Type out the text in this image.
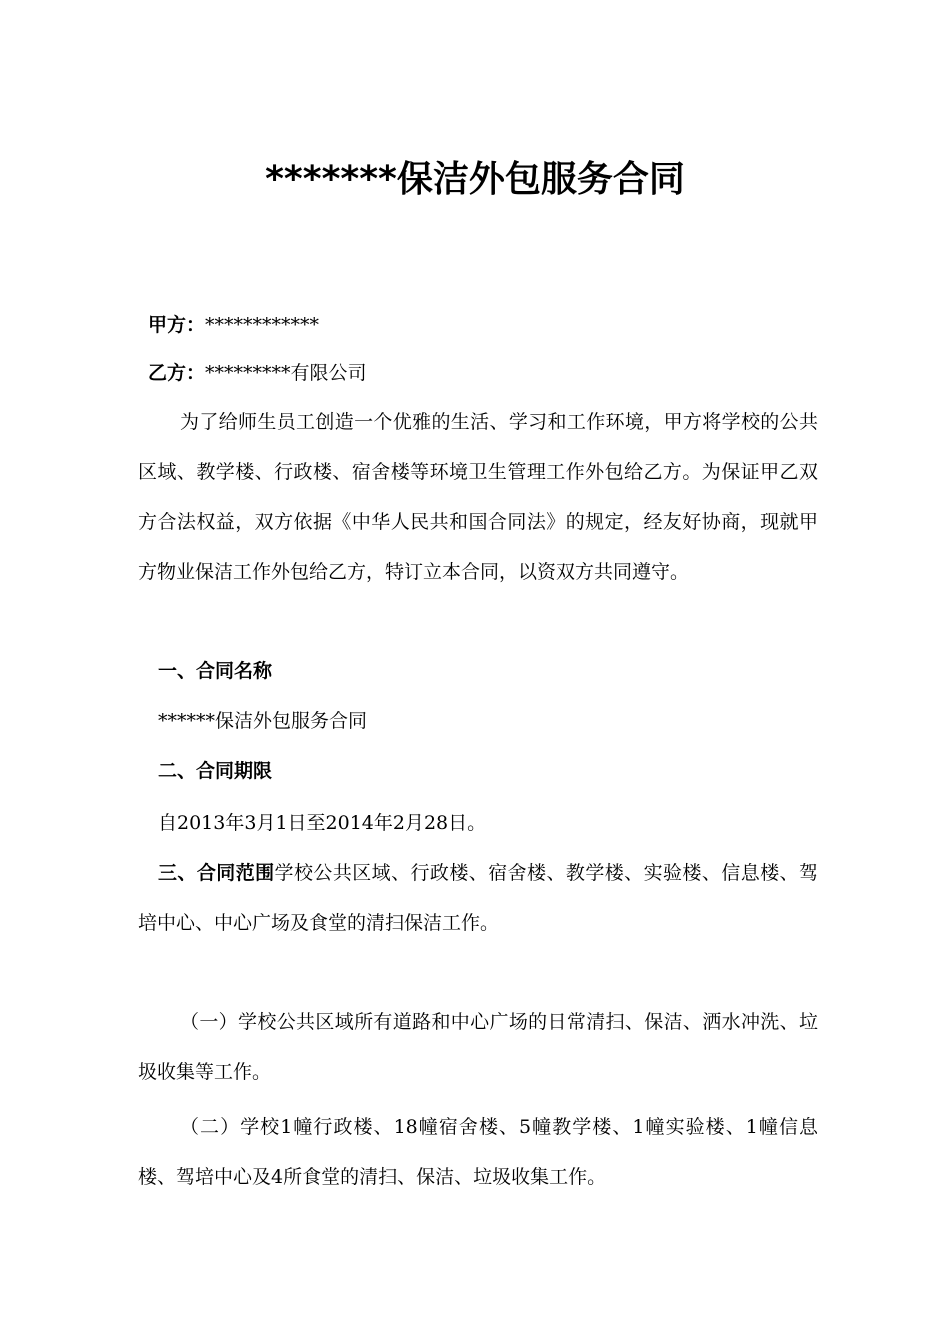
*******保洁外包服务合同

甲方：************

乙方：*********有限公司

为了给师生员工创造一个优雅的生活、学习和工作环境，甲方将学校的公共区域、教学楼、行政楼、宿舍楼等环境卫生管理工作外包给乙方。为保证甲乙双方合法权益，双方依据《中华人民共和国合同法》的规定，经友好协商，现就甲方物业保洁工作外包给乙方，特订立本合同，以资双方共同遵守。

一、合同名称

******保洁外包服务合同

二、合同期限

自2013年3月1日至2014年2月28日。

三、合同范围学校公共区域、行政楼、宿舍楼、教学楼、实验楼、信息楼、驾培中心、中心广场及食堂的清扫保洁工作。

（一）学校公共区域所有道路和中心广场的日常清扫、保洁、洒水冲洗、垃圾收集等工作。

（二）学校1幢行政楼、18幢宿舍楼、5幢教学楼、1幢实验楼、1幢信息楼、驾培中心及4所食堂的清扫、保洁、垃圾收集工作。
